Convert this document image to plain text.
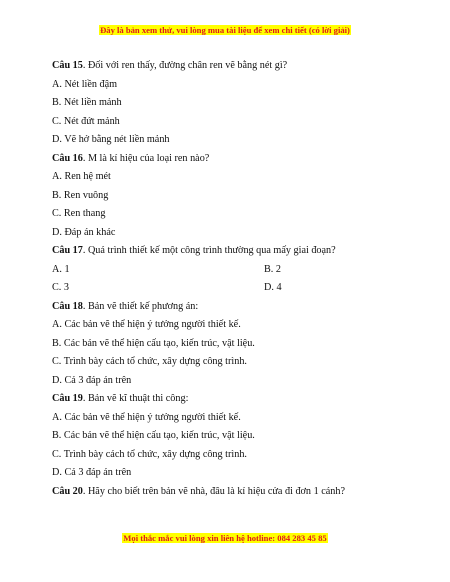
Đây là bản xem thử, vui lòng mua tài liệu để xem chi tiết (có lời giải)
Câu 15. Đối với ren thấy, đường chân ren vẽ bằng nét gì?
A. Nét liền đậm
B. Nét liền mảnh
C. Nét đứt mảnh
D. Vẽ hở bằng nét liền mảnh
Câu 16. M là kí hiệu của loại ren nào?
A. Ren hệ mét
B. Ren vuông
C. Ren thang
D. Đáp án khác
Câu 17. Quá trình thiết kế một công trình thường qua mấy giai đoạn?
A. 1	B. 2
C. 3	D. 4
Câu 18. Bản vẽ thiết kế phương án:
A. Các bản vẽ thể hiện ý tưởng người thiết kế.
B. Các bản vẽ thể hiện cấu tạo, kiến trúc, vật liệu.
C. Trình bày cách tổ chức, xây dựng công trình.
D. Cả 3 đáp án trên
Câu 19. Bản vẽ kĩ thuật thi công:
A. Các bản vẽ thể hiện ý tưởng người thiết kế.
B. Các bản vẽ thể hiện cấu tạo, kiến trúc, vật liệu.
C. Trình bày cách tổ chức, xây dựng công trình.
D. Cả 3 đáp án trên
Câu 20. Hãy cho biết trên bản vẽ nhà, đâu là kí hiệu cửa đi đơn 1 cánh?
Mọi thắc mắc vui lòng xin liên hệ hotline: 084 283 45 85
